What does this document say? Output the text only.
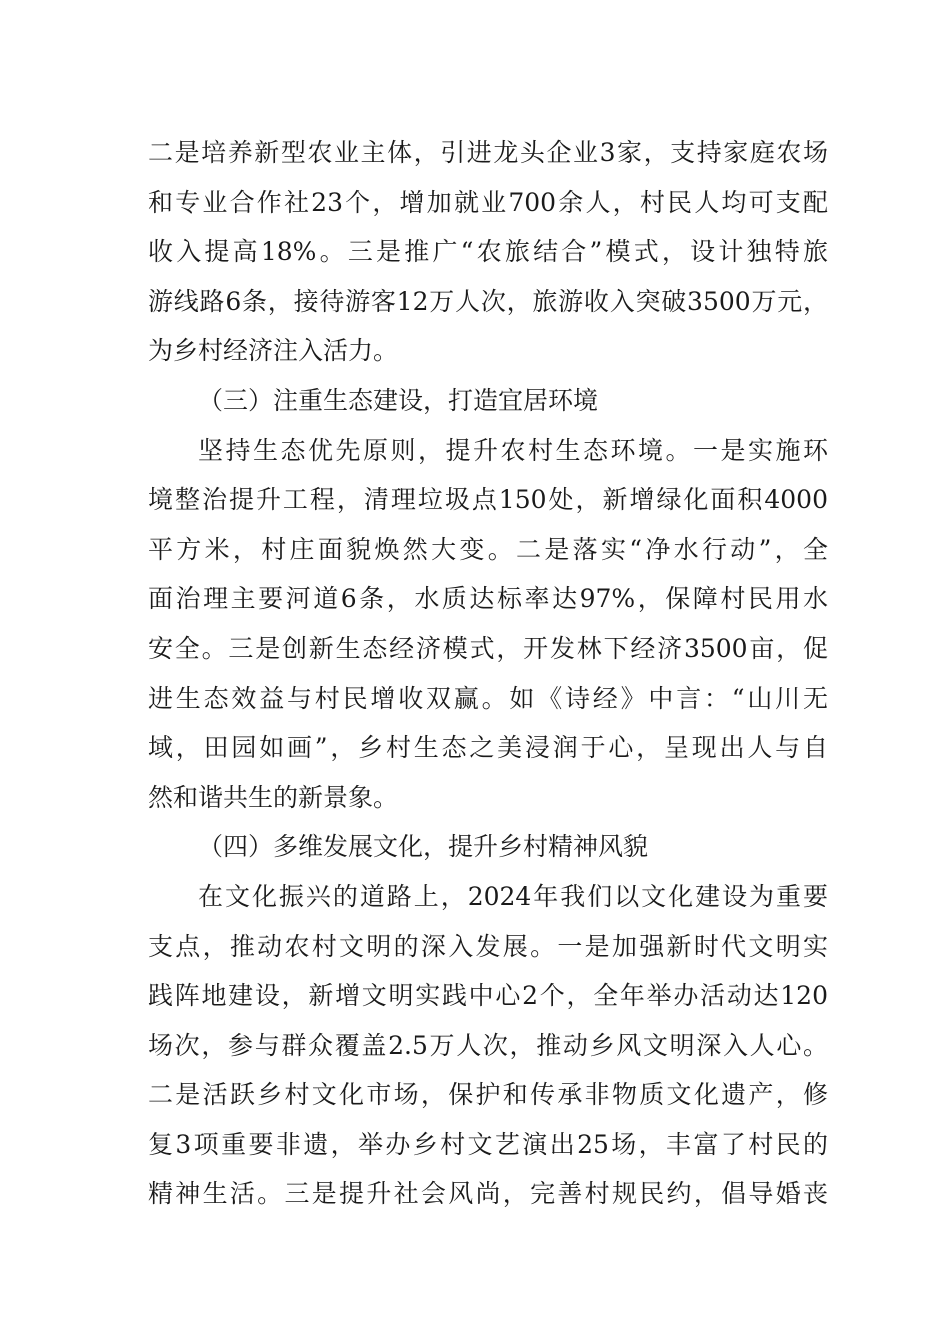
二是培养新型农业主体，引进龙头企业3家，支持家庭农场
和专业合作社23个，增加就业700余人，村民人均可支配
收入提高18%。三是推广“农旅结合”模式，设计独特旅
游线路6条，接待游客12万人次，旅游收入突破3500万元，
为乡村经济注入活力。
（三）注重生态建设，打造宜居环境
坚持生态优先原则，提升农村生态环境。一是实施环
境整治提升工程，清理垃圾点150处，新增绿化面积4000
平方米，村庄面貌焕然大变。二是落实“净水行动”，全
面治理主要河道6条，水质达标率达97%，保障村民用水
安全。三是创新生态经济模式，开发林下经济3500亩，促
进生态效益与村民增收双赢。如《诗经》中言：“山川无
域，田园如画”，乡村生态之美浸润于心，呈现出人与自
然和谐共生的新景象。
（四）多维发展文化，提升乡村精神风貌
在文化振兴的道路上，2024年我们以文化建设为重要
支点，推动农村文明的深入发展。一是加强新时代文明实
践阵地建设，新增文明实践中心2个，全年举办活动达120
场次，参与群众覆盖2.5万人次，推动乡风文明深入人心。
二是活跃乡村文化市场，保护和传承非物质文化遗产，修
复3项重要非遗，举办乡村文艺演出25场，丰富了村民的
精神生活。三是提升社会风尚，完善村规民约，倡导婚丧
